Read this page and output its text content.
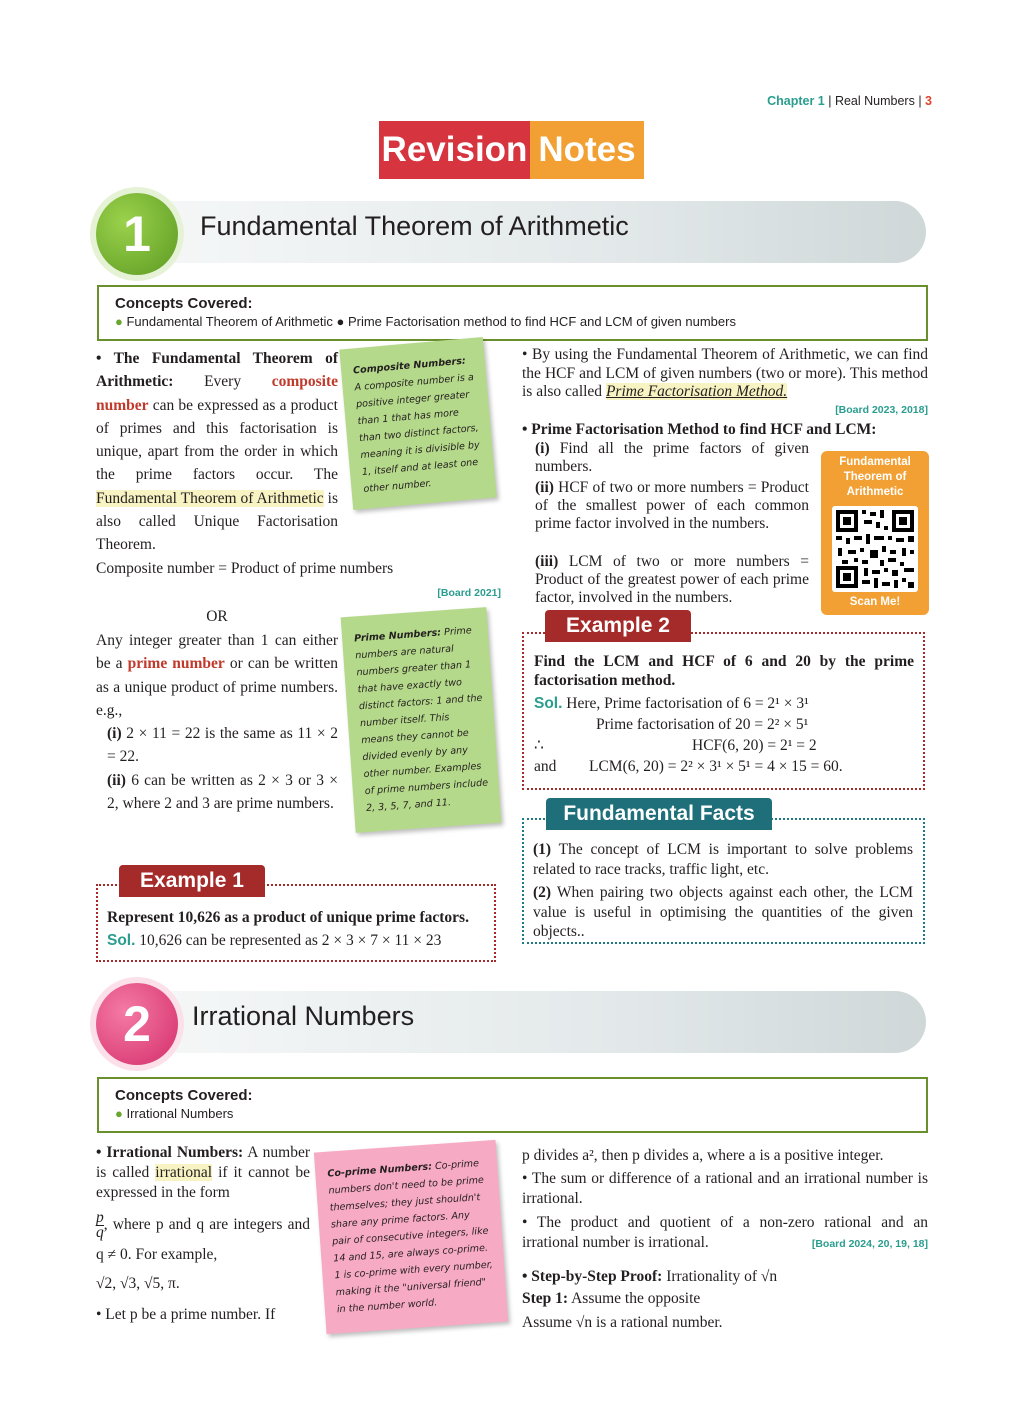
Chapter 1 | Real Numbers | 3
Revision Notes
1	Fundamental Theorem of Arithmetic
Concepts Covered:
● Fundamental Theorem of Arithmetic ● Prime Factorisation method to find HCF and LCM of given numbers

• The Fundamental Theorem of Arithmetic: Every composite number can be expressed as a product of primes and this factorisation is unique, apart from the order in which the prime factors occur. The Fundamental Theorem of Arithmetic is also called Unique Factorisation Theorem.

Composite number = Product of prime numbers
[Board 2021]
OR

Any integer greater than 1 can either be a prime number or can be written as a unique product of prime numbers. e.g.,

(i) 2 × 11 = 22 is the same as 11 × 2 = 22.
(ii) 6 can be written as 2 × 3 or 3 × 2, where 2 and 3 are prime numbers.
Composite Numbers: A composite number is a positive integer greater than 1 that has more than two distinct factors, meaning it is divisible by 1, itself and at least one other number.
Prime Numbers: Prime numbers are natural numbers greater than 1 that have exactly two distinct factors: 1 and the number itself. This means they cannot be divided evenly by any other number. Examples of prime numbers include 2, 3, 5, 7, and 11.
• By using the Fundamental Theorem of Arithmetic, we can find the HCF and LCM of given numbers (two or more). This method is also called Prime Factorisation Method.
[Board 2023, 2018]
• Prime Factorisation Method to find HCF and LCM:
(i) Find all the prime factors of given numbers.
(ii) HCF of two or more numbers = Product of the smallest power of each common prime factor involved in the numbers.
(iii) LCM of two or more numbers = Product of the greatest power of each prime factor, involved in the numbers.
Fundamental Theorem of Arithmetic
Scan Me!
Example 2
Find the LCM and HCF of 6 and 20 by the prime factorisation method.
Sol. Here, Prime factorisation of 6 = 2¹ × 3¹
Prime factorisation of 20 = 2² × 5¹
∴	HCF(6, 20) = 2¹ = 2
and	LCM(6, 20) = 2² × 3¹ × 5¹ = 4 × 15 = 60.
Fundamental Facts
(1) The concept of LCM is important to solve problems related to race tracks, traffic light, etc.
(2) When pairing two objects against each other, the LCM value is useful in optimising the quantities of the given objects..
Example 1
Represent 10,626 as a product of unique prime factors.
Sol. 10,626 can be represented as 2 × 3 × 7 × 11 × 23
2	Irrational Numbers
Concepts Covered:
● Irrational Numbers
• Irrational Numbers: A number is called irrational if it cannot be expressed in the form
$\frac{p}{q}$ , where p and q are integers and q ≠ 0. For example,
√2, √3, √5, π.
• Let p be a prime number. If
Co-prime Numbers: Co-prime numbers don't need to be prime themselves; they just shouldn't share any prime factors. Any pair of consecutive integers, like 14 and 15, are always co-prime. 1 is co-prime with every number, making it the "universal friend" in the number world.
p divides a², then p divides a, where a is a positive integer.
• The sum or difference of a rational and an irrational number is irrational.
• The product and quotient of a non-zero rational and an irrational number is irrational.	[Board 2024, 20, 19, 18]
• Step-by-Step Proof: Irrationality of √n
Step 1: Assume the opposite
Assume √n is a rational number.
